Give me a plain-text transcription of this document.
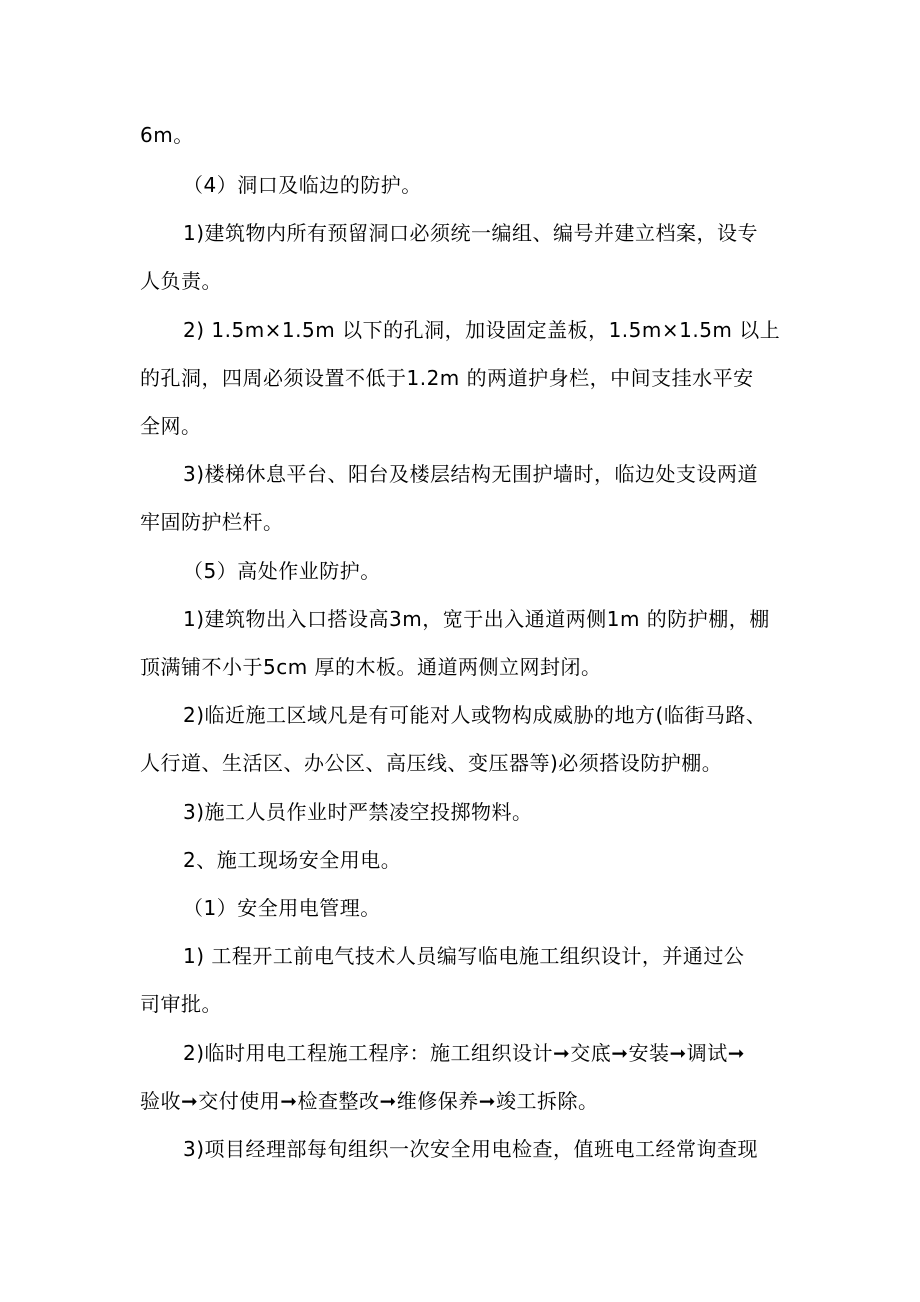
6m。
（4）洞口及临边的防护。
1)建筑物内所有预留洞口必须统一编组、编号并建立档案，设专
人负责。
2) 1.5m×1.5m 以下的孔洞，加设固定盖板，1.5m×1.5m 以上
的孔洞，四周必须设置不低于1.2m 的两道护身栏，中间支挂水平安
全网。
3)楼梯休息平台、阳台及楼层结构无围护墙时，临边处支设两道
牢固防护栏杆。
（5）高处作业防护。
1)建筑物出入口搭设高3m，宽于出入通道两侧1m 的防护棚，棚
顶满铺不小于5cm 厚的木板。通道两侧立网封闭。
2)临近施工区域凡是有可能对人或物构成威胁的地方(临街马路、
人行道、生活区、办公区、高压线、变压器等)必须搭设防护棚。
3)施工人员作业时严禁凌空投掷物料。
2、施工现场安全用电。
（1）安全用电管理。
1) 工程开工前电气技术人员编写临电施工组织设计，并通过公
司审批。
2)临时用电工程施工程序：施工组织设计➞交底➞安装➞调试➞
验收➞交付使用➞检查整改➞维修保养➞竣工拆除。
3)项目经理部每旬组织一次安全用电检查，值班电工经常询查现
